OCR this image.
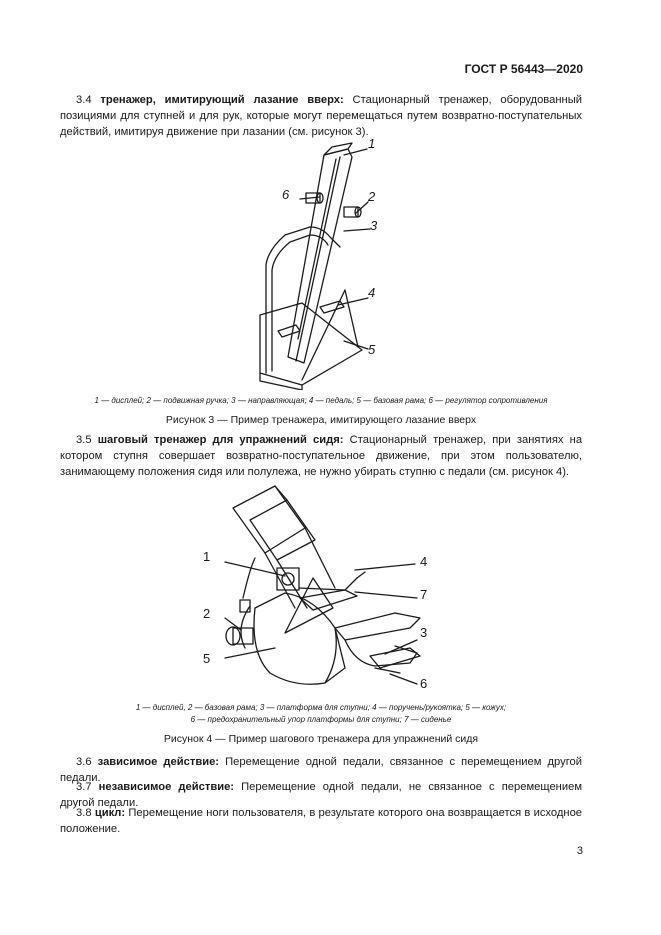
ГОСТ Р 56443—2020
3.4 тренажер, имитирующий лазание вверх: Стационарный тренажер, оборудованный позициями для ступней и для рук, которые могут перемещаться путем возвратно-поступательных действий, имитируя движение при лазании (см. рисунок 3).
1
2
3
4
5
6
1 — дисплей; 2 — подвижная ручка; 3 — направляющая; 4 — педаль; 5 — базовая рама; 6 — регулятор сопротивления
Рисунок 3 — Пример тренажера, имитирующего лазание вверх
3.5 шаговый тренажер для упражнений сидя: Стационарный тренажер, при занятиях на котором ступня совершает возвратно-поступательное движение, при этом пользователю, занимающему положения сидя или полулежа, не нужно убирать ступню с педали (см. рисунок 4).
1
2
3
4
5
6
7
1 — дисплей, 2 — базовая рама; 3 — платформа для ступни; 4 — поручень/рукоятка; 5 — кожух;
6 — предохранительный упор платформы для ступни; 7 — сиденье
Рисунок 4 — Пример шагового тренажера для упражнений сидя
3.6 зависимое действие: Перемещение одной педали, связанное с перемещением другой педали.
3.7 независимое действие: Перемещение одной педали, не связанное с перемещением другой педали.
3.8 цикл: Перемещение ноги пользователя, в результате которого она возвращается в исходное положение.
3
